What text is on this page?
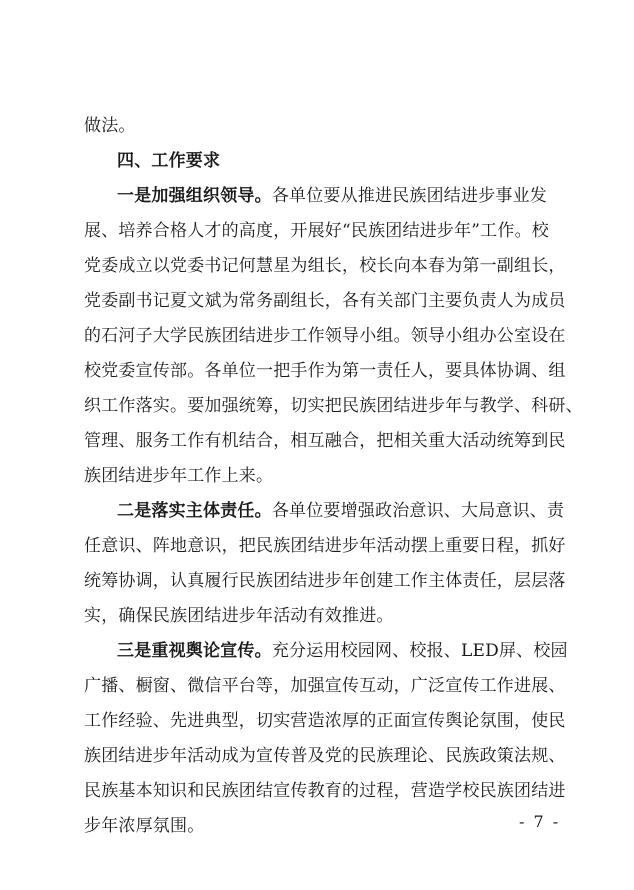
做法。
四、工作要求
一是加强组织领导。各单位要从推进民族团结进步事业发
展、培养合格人才的高度，开展好“民族团结进步年”工作。校
党委成立以党委书记何慧星为组长，校长向本春为第一副组长，
党委副书记夏文斌为常务副组长，各有关部门主要负责人为成员
的石河子大学民族团结进步工作领导小组。领导小组办公室设在
校党委宣传部。各单位一把手作为第一责任人，要具体协调、组
织工作落实。要加强统筹，切实把民族团结进步年与教学、科研、
管理、服务工作有机结合，相互融合，把相关重大活动统筹到民
族团结进步年工作上来。
二是落实主体责任。各单位要增强政治意识、大局意识、责
任意识、阵地意识，把民族团结进步年活动摆上重要日程，抓好
统筹协调，认真履行民族团结进步年创建工作主体责任，层层落
实，确保民族团结进步年活动有效推进。
三是重视舆论宣传。充分运用校园网、校报、LED屏、校园
广播、橱窗、微信平台等，加强宣传互动，广泛宣传工作进展、
工作经验、先进典型，切实营造浓厚的正面宣传舆论氛围，使民
族团结进步年活动成为宣传普及党的民族理论、民族政策法规、
民族基本知识和民族团结宣传教育的过程，营造学校民族团结进
步年浓厚氛围。	- 7 -
